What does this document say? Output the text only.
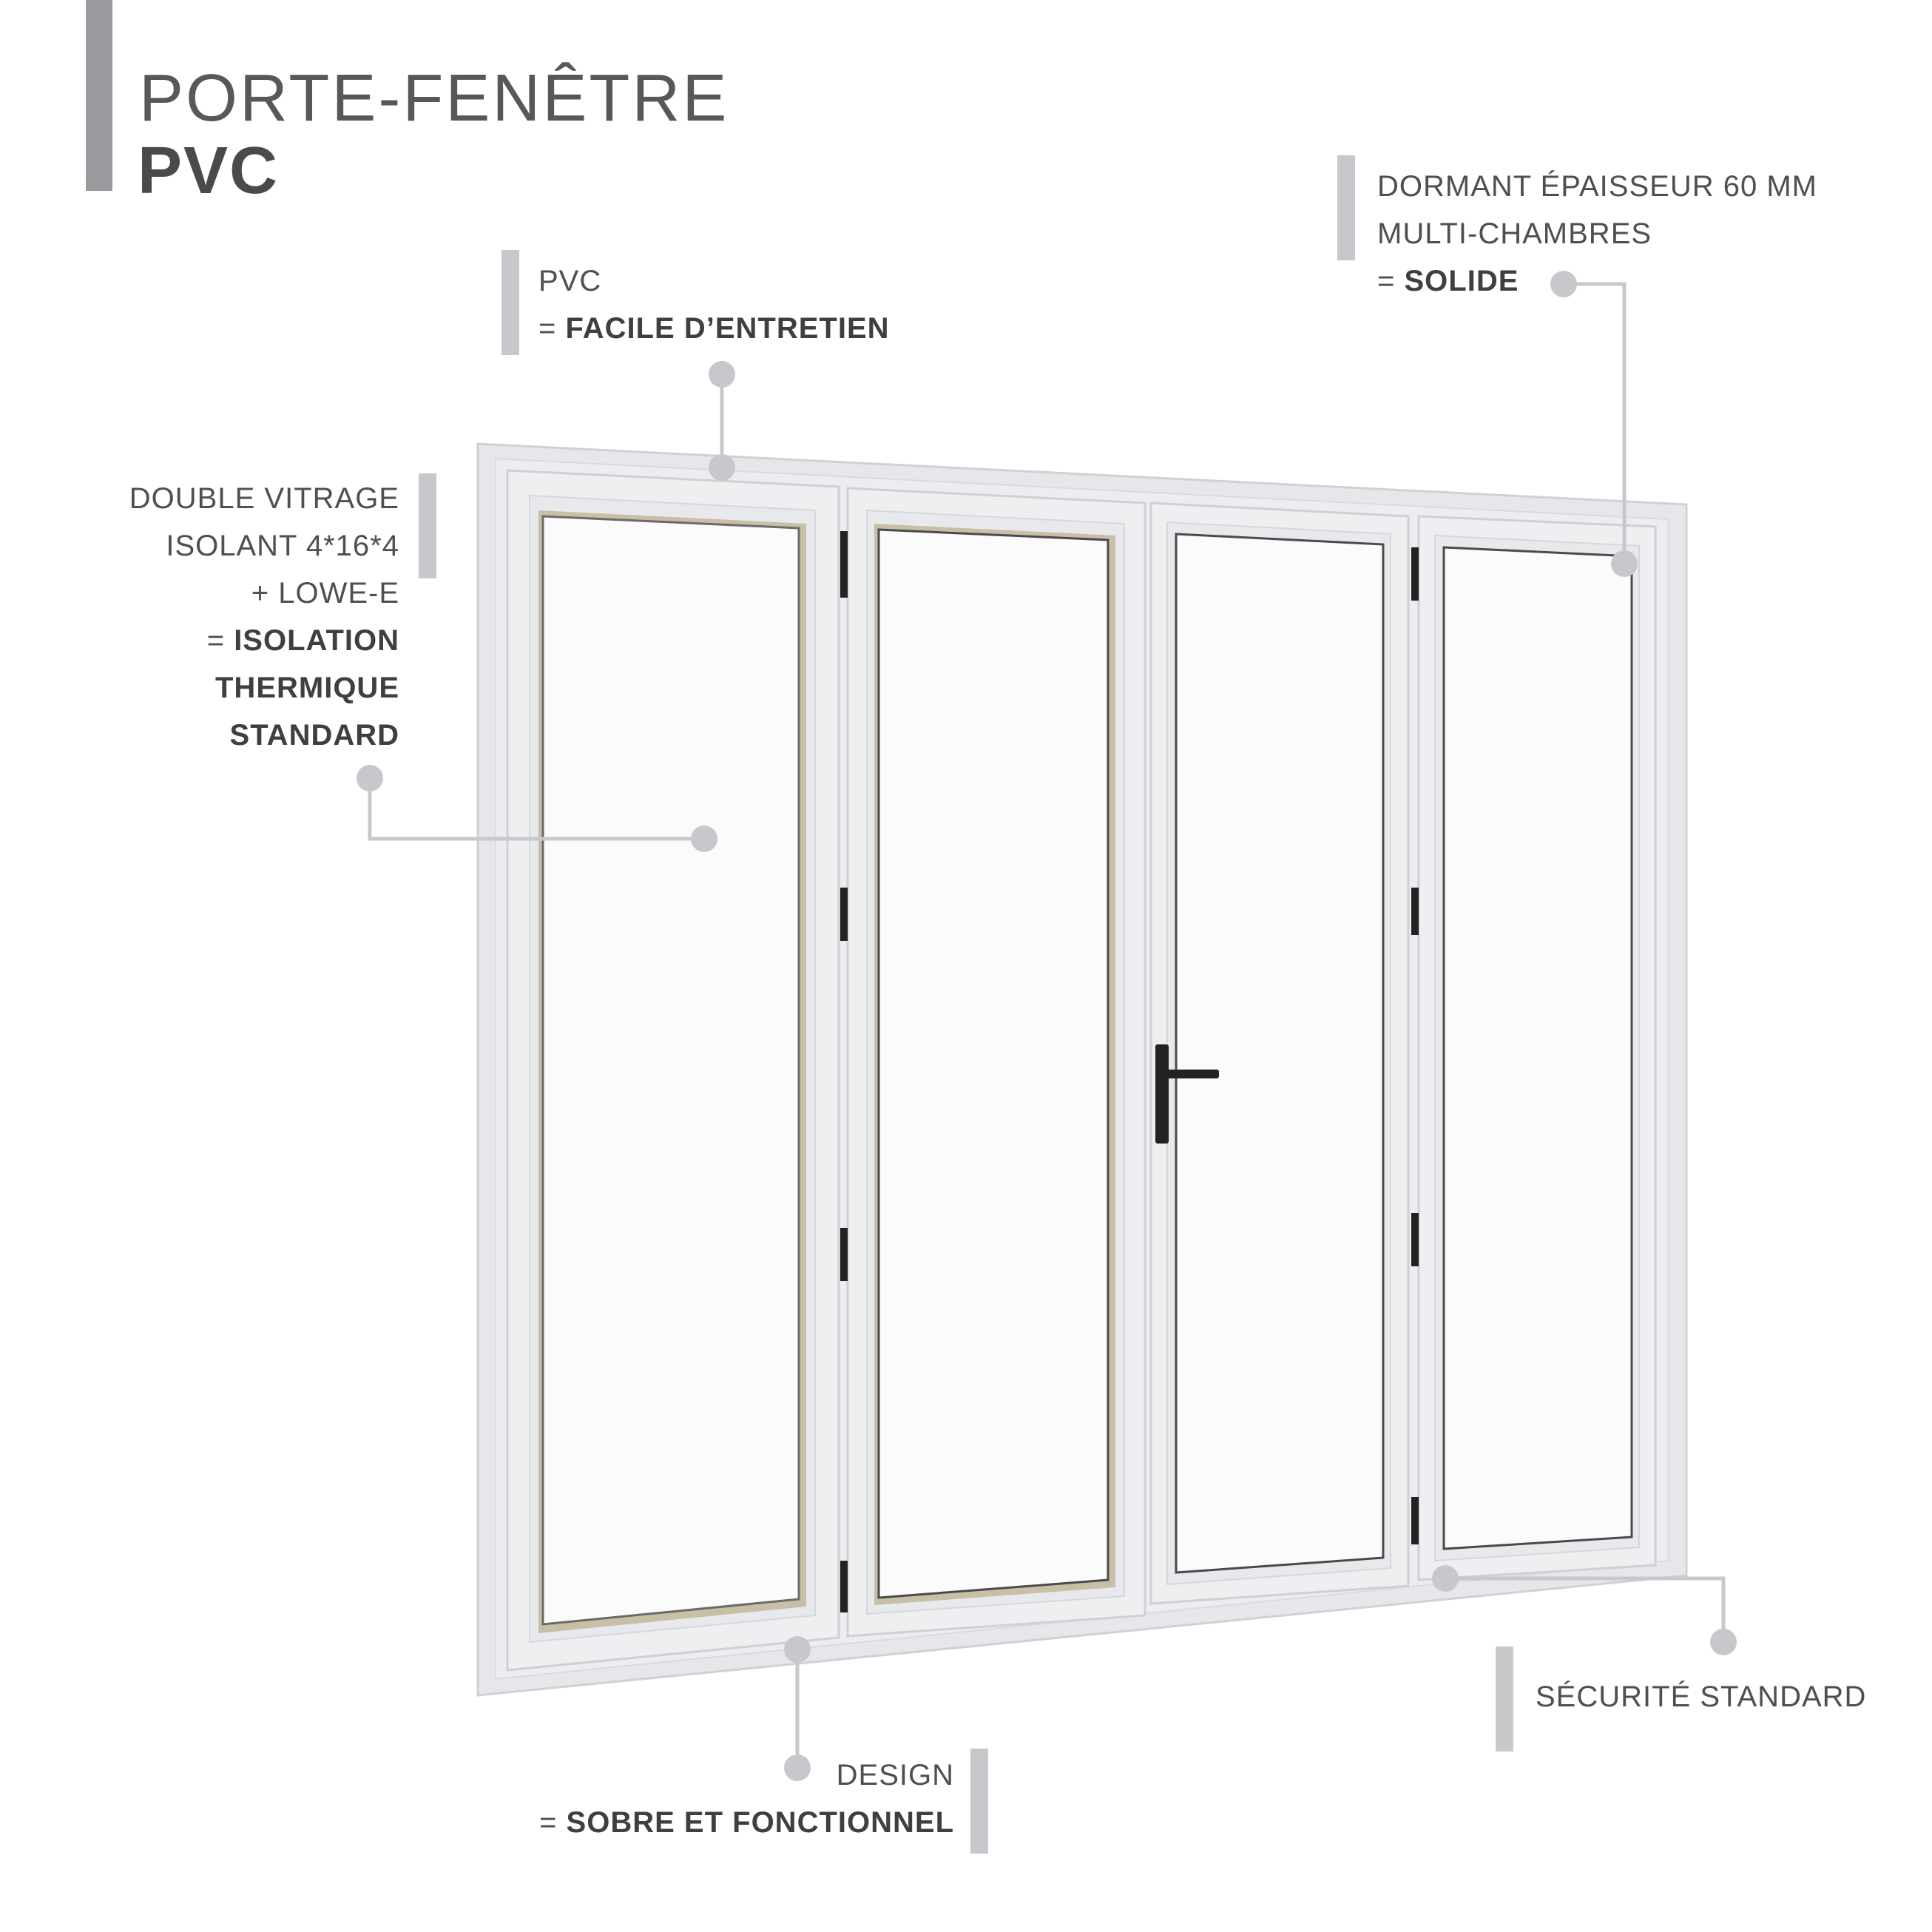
PORTE-FENÊTRE
PVC
PVC
= FACILE D’ENTRETIEN
DORMANT ÉPAISSEUR 60 MM
MULTI-CHAMBRES
= SOLIDE
DOUBLE VITRAGE
ISOLANT 4*16*4
+ LOWE-E
= ISOLATION
THERMIQUE
STANDARD
SÉCURITÉ STANDARD
DESIGN
= SOBRE ET FONCTIONNEL
